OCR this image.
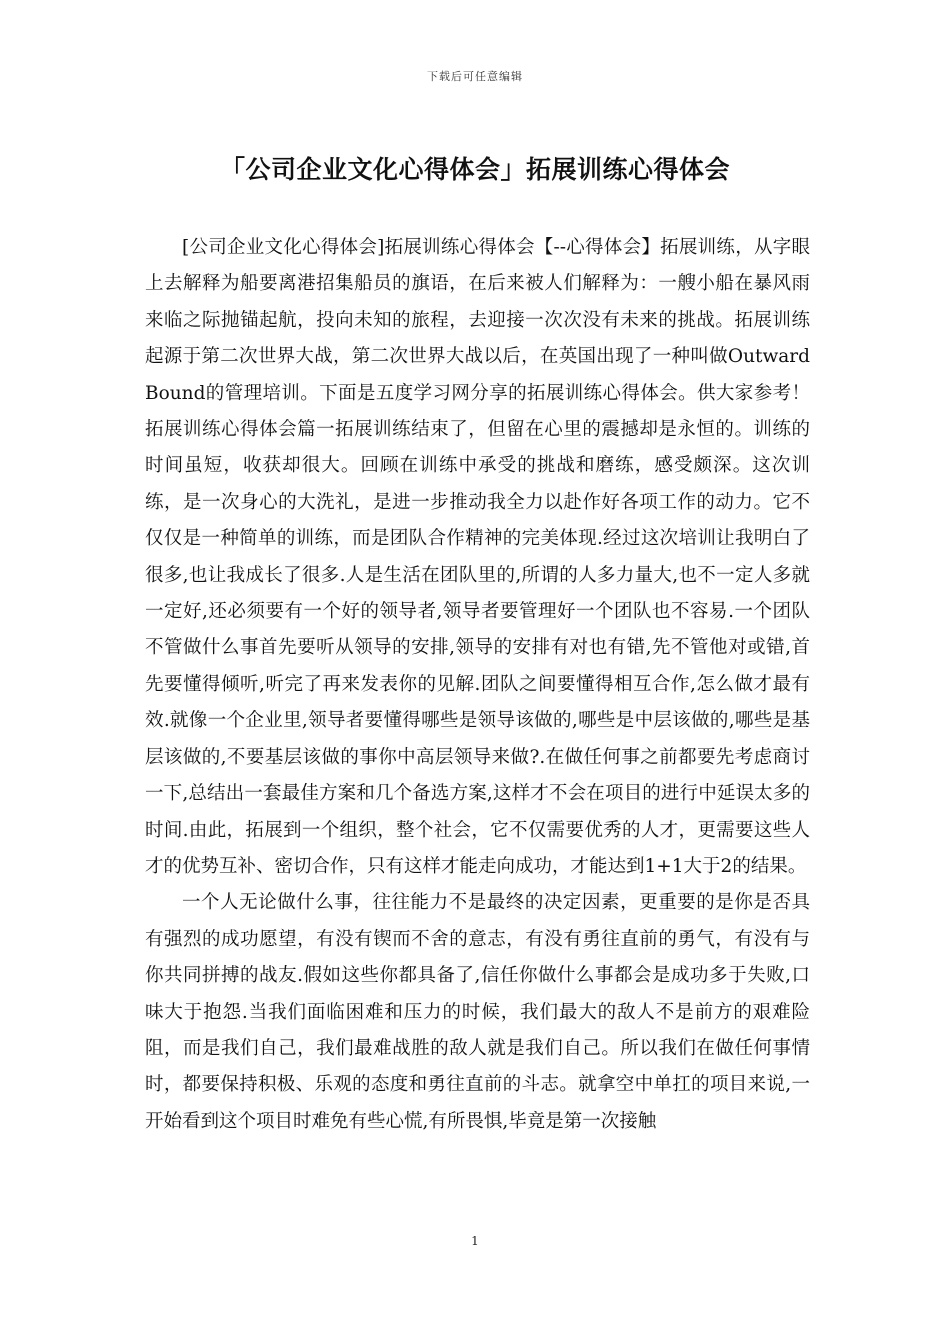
下载后可任意编辑
「公司企业文化心得体会」拓展训练心得体会

[公司企业文化心得体会]拓展训练心得体会【--心得体会】拓展训练，从字眼上去解释为船要离港招集船员的旗语，在后来被人们解释为：一艘小船在暴风雨来临之际抛锚起航，投向未知的旅程，去迎接一次次没有未来的挑战。拓展训练起源于第二次世界大战，第二次世界大战以后，在英国出现了一种叫做OutwardBound的管理培训。下面是五度学习网分享的拓展训练心得体会。供大家参考！拓展训练心得体会篇一拓展训练结束了，但留在心里的震撼却是永恒的。训练的时间虽短，收获却很大。回顾在训练中承受的挑战和磨练，感受颇深。这次训练，是一次身心的大洗礼，是进一步推动我全力以赴作好各项工作的动力。它不仅仅是一种简单的训练，而是团队合作精神的完美体现.经过这次培训让我明白了很多,也让我成长了很多.人是生活在团队里的,所谓的人多力量大,也不一定人多就一定好,还必须要有一个好的领导者,领导者要管理好一个团队也不容易.一个团队不管做什么事首先要听从领导的安排,领导的安排有对也有错,先不管他对或错,首先要懂得倾听,听完了再来发表你的见解.团队之间要懂得相互合作,怎么做才最有效.就像一个企业里,领导者要懂得哪些是领导该做的,哪些是中层该做的,哪些是基层该做的,不要基层该做的事你中高层领导来做?.在做任何事之前都要先考虑商讨一下,总结出一套最佳方案和几个备选方案,这样才不会在项目的进行中延误太多的时间.由此，拓展到一个组织，整个社会，它不仅需要优秀的人才，更需要这些人才的优势互补、密切合作，只有这样才能走向成功，才能达到1+1大于2的结果。

一个人无论做什么事，往往能力不是最终的决定因素，更重要的是你是否具有强烈的成功愿望，有没有锲而不舍的意志，有没有勇往直前的勇气，有没有与你共同拼搏的战友.假如这些你都具备了,信任你做什么事都会是成功多于失败,口味大于抱怨.当我们面临困难和压力的时候，我们最大的敌人不是前方的艰难险阻，而是我们自己，我们最难战胜的敌人就是我们自己。所以我们在做任何事情时，都要保持积极、乐观的态度和勇往直前的斗志。就拿空中单扛的项目来说,一开始看到这个项目时难免有些心慌,有所畏惧,毕竟是第一次接触

1
